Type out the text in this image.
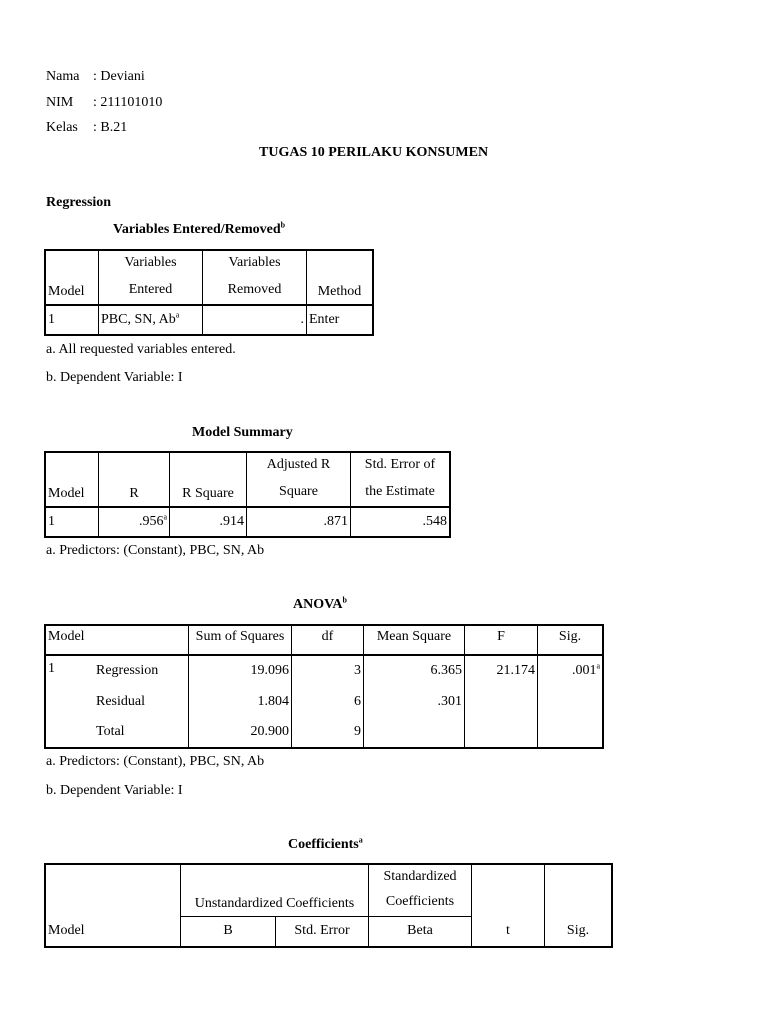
Nama : Deviani
NIM : 211101010
Kelas : B.21
TUGAS 10 PERILAKU KONSUMEN
Regression
Variables Entered/Removed$^b$
Model	Variables	Variables	Method
	Entered	Removed	
1	PBC, SN, Ab$^a$	.	Enter
a. All requested variables entered.
b. Dependent Variable: I
Model Summary
Model	R	R Square	Adjusted R	Std. Error of
			Square	the Estimate
1	.956$^a$	.914	.871	.548
a. Predictors: (Constant), PBC, SN, Ab
ANOVA$^b$
Model		Sum of Squares	df	Mean Square	F	Sig.
1	Regression	19.096	3	6.365	21.174	.001$^a$
	Residual	1.804	6	.301		
	Total	20.900	9			
a. Predictors: (Constant), PBC, SN, Ab
b. Dependent Variable: I
Coefficients$^a$
	Unstandardized Coefficients		Standardized		
			Coefficients		
Model	B	Std. Error	Beta	t	Sig.
